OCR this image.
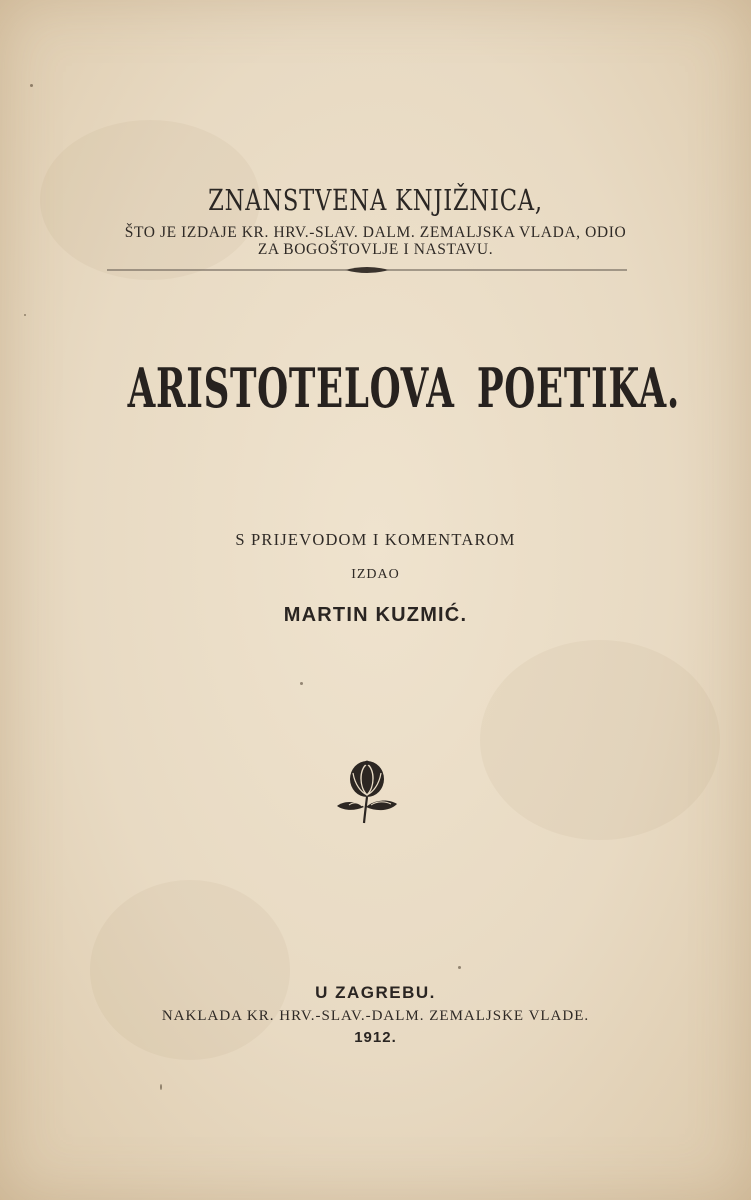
ZNANSTVENA KNJIŽNICA,
ŠTO JE IZDAJE KR. HRV.-SLAV. DALM. ZEMALJSKA VLADA, ODIO
ZA BOGOŠTOVLJE I NASTAVU.
ARISTOTELOVA POETIKA.
S PRIJEVODOM I KOMENTAROM
IZDAO
MARTIN KUZMIĆ.
U ZAGREBU.
NAKLADA KR. HRV.-SLAV.-DALM. ZEMALJSKE VLADE.
1912.
